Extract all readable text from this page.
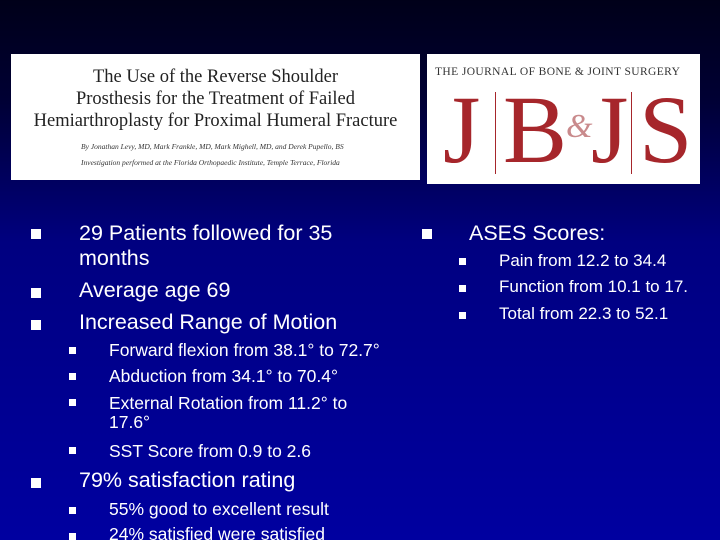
The Use of the Reverse Shoulder
Prosthesis for the Treatment of Failed
Hemiarthroplasty for Proximal Humeral Fracture
By Jonathan Levy, MD, Mark Frankle, MD, Mark Mighell, MD, and Derek Pupello, BS
Investigation performed at the Florida Orthopaedic Institute, Temple Terrace, Florida
THE JOURNAL OF BONE & JOINT SURGERY
J B
&
J S
29 Patients followed for 35
months
Average age 69
Increased Range of Motion
Forward flexion from 38.1° to 72.7°
Abduction from 34.1° to 70.4°
External Rotation from 11.2° to
17.6°
SST Score from 0.9 to 2.6
79% satisfaction rating
55% good to excellent result
24% satisfied were satisfied
ASES Scores:
Pain from 12.2 to 34.4
Function from 10.1 to 17.
Total from 22.3 to 52.1
